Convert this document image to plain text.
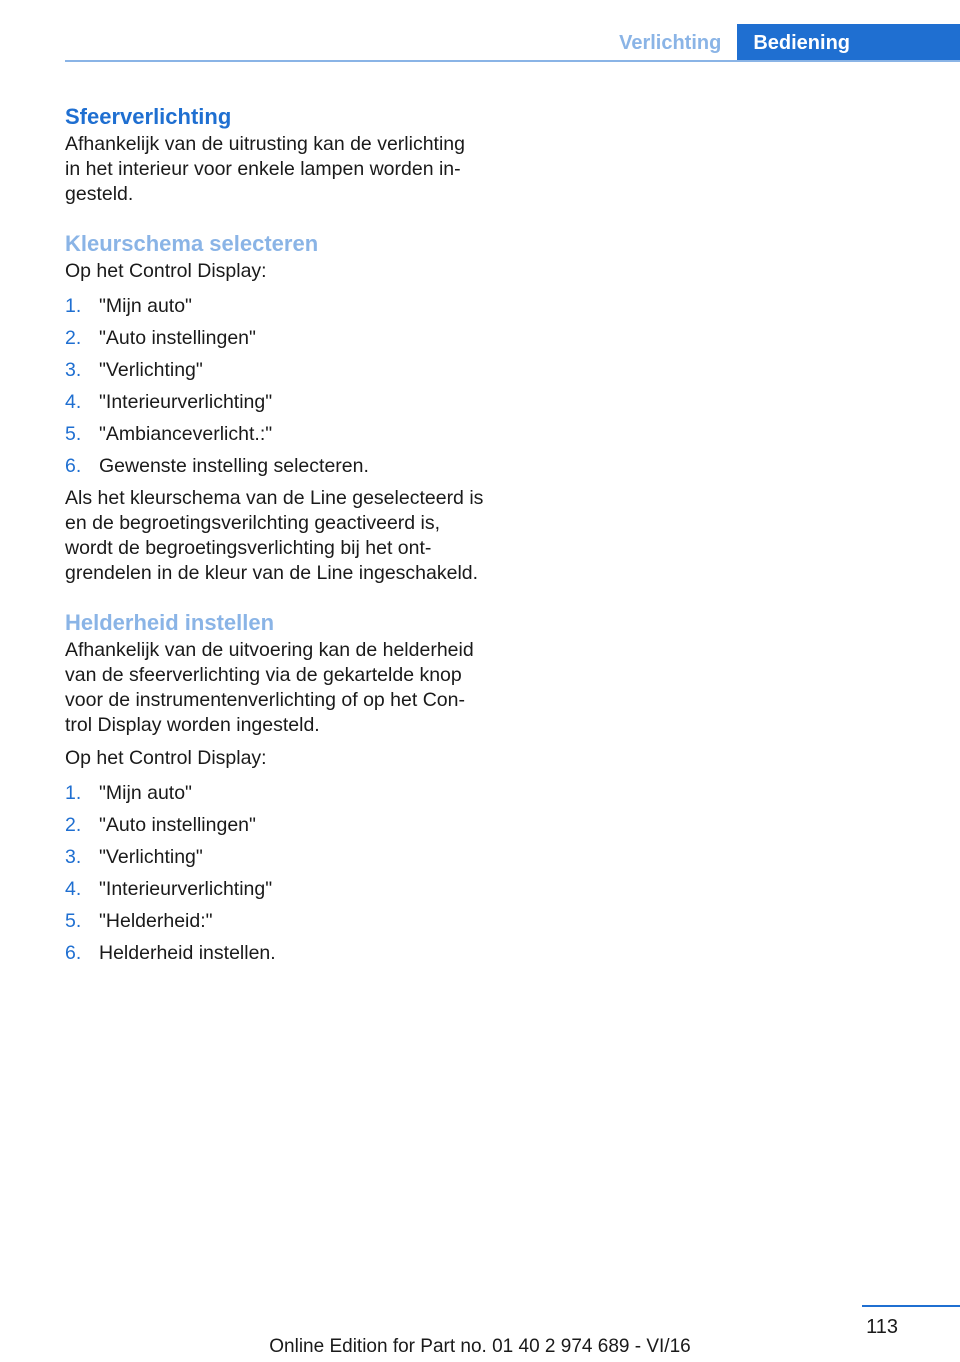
Verlichting	Bediening
Sfeerverlichting

Afhankelijk van de uitrusting kan de verlichting in het interieur voor enkele lampen worden ingesteld.

Kleurschema selecteren

Op het Control Display:

1. "Mijn auto"
2. "Auto instellingen"
3. "Verlichting"
4. "Interieurverlichting"
5. "Ambianceverlicht.:"
6. Gewenste instelling selecteren.

Als het kleurschema van de Line geselecteerd is en de begroetingsverilchting geactiveerd is, wordt de begroetingsverlichting bij het ontgrendelen in de kleur van de Line ingeschakeld.

Helderheid instellen

Afhankelijk van de uitvoering kan de helderheid van de sfeerverlichting via de gekartelde knop voor de instrumentenverlichting of op het Control Display worden ingesteld.

Op het Control Display:

1. "Mijn auto"
2. "Auto instellingen"
3. "Verlichting"
4. "Interieurverlichting"
5. "Helderheid:"
6. Helderheid instellen.
113
Online Edition for Part no. 01 40 2 974 689 - VI/16
